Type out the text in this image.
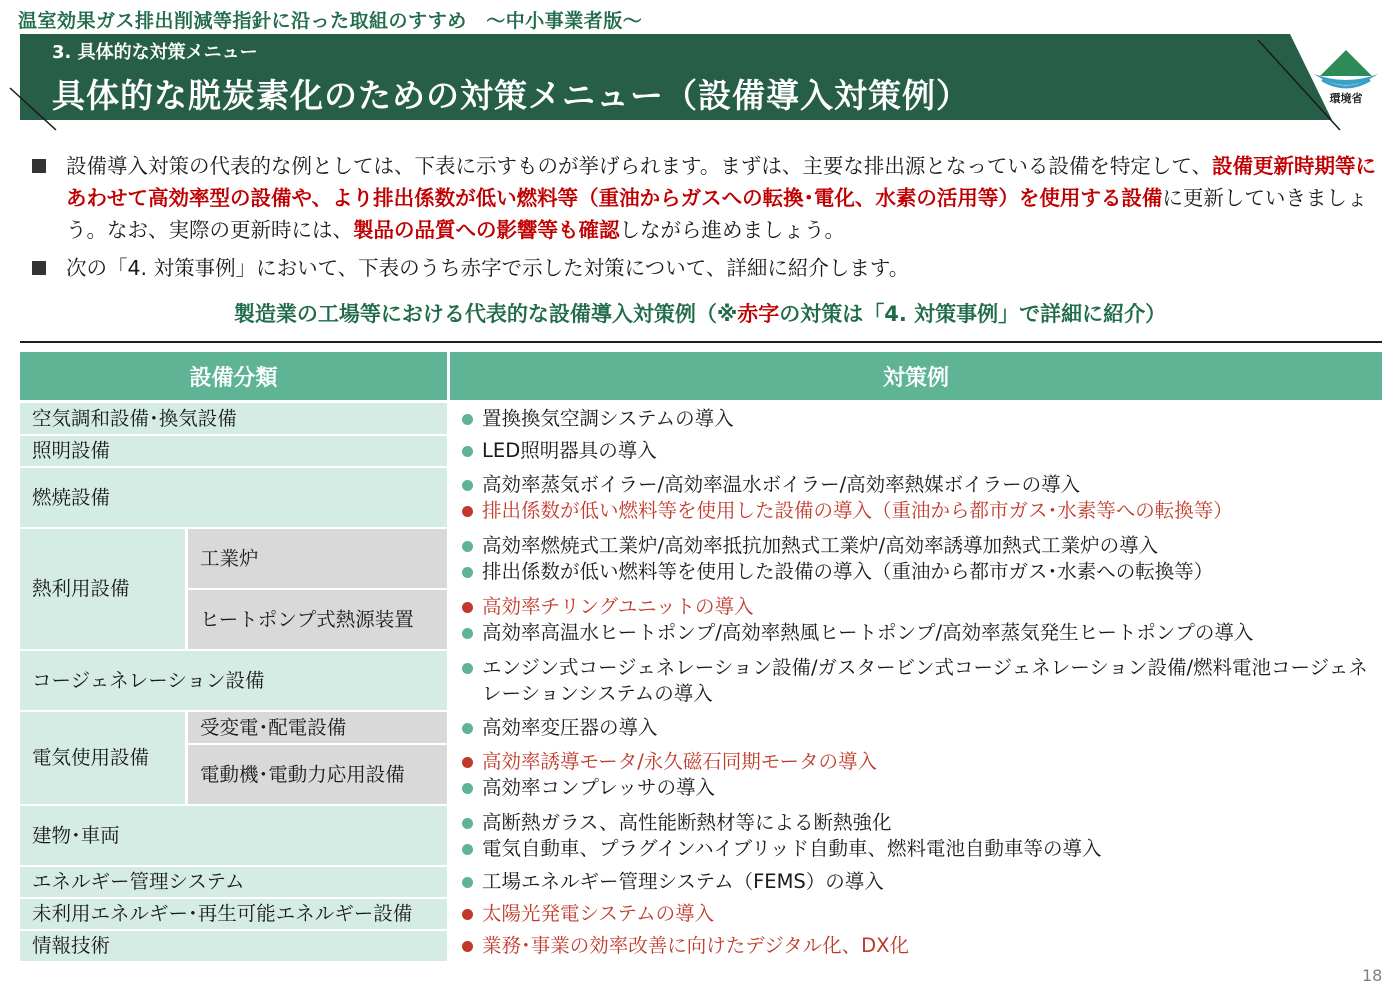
温室効果ガス排出削減等指針に沿った取組のすすめ　～中小事業者版～
3. 具体的な対策メニュー
具体的な脱炭素化のための対策メニュー（設備導入対策例）	環境省
設備導入対策の代表的な例としては、下表に示すものが挙げられます。まずは、主要な排出源となっている設備を特定して、設備更新時期等にあわせて高効率型の設備や、より排出係数が低い燃料等（重油からガスへの転換･電化、水素の活用等）を使用する設備に更新していきましょう。なお、実際の更新時には、製品の品質への影響等も確認しながら進めましょう。
次の「4. 対策事例」において、下表のうち赤字で示した対策について、詳細に紹介します。
製造業の工場等における代表的な設備導入対策例（※赤字の対策は「4. 対策事例」で詳細に紹介）
設備分類		対策例
空気調和設備･換気設備		置換換気空調システムの導入

照明設備		LED照明器具の導入

燃焼設備		高効率蒸気ボイラー/高効率温水ボイラー/高効率熱媒ボイラーの導入
排出係数が低い燃料等を使用した設備の導入（重油から都市ガス･水素等への転換等）

熱利用設備	工業炉	高効率燃焼式工業炉/高効率抵抗加熱式工業炉/高効率誘導加熱式工業炉の導入
排出係数が低い燃料等を使用した設備の導入（重油から都市ガス･水素への転換等）

	ヒートポンプ式熱源装置	高効率チリングユニットの導入
高効率高温水ヒートポンプ/高効率熱風ヒートポンプ/高効率蒸気発生ヒートポンプの導入

コージェネレーション設備		エンジン式コージェネレーション設備/ガスタービン式コージェネレーション設備/燃料電池コージェネレーションシステムの導入

電気使用設備	受変電･配電設備	高効率変圧器の導入

	電動機･電動力応用設備	高効率誘導モータ/永久磁石同期モータの導入
高効率コンプレッサの導入

建物･車両		高断熱ガラス、高性能断熱材等による断熱強化
電気自動車、プラグインハイブリッド自動車、燃料電池自動車等の導入

エネルギー管理システム		工場エネルギー管理システム（FEMS）の導入

未利用エネルギー･再生可能エネルギー設備		太陽光発電システムの導入

情報技術		業務･事業の効率改善に向けたデジタル化、DX化
18
